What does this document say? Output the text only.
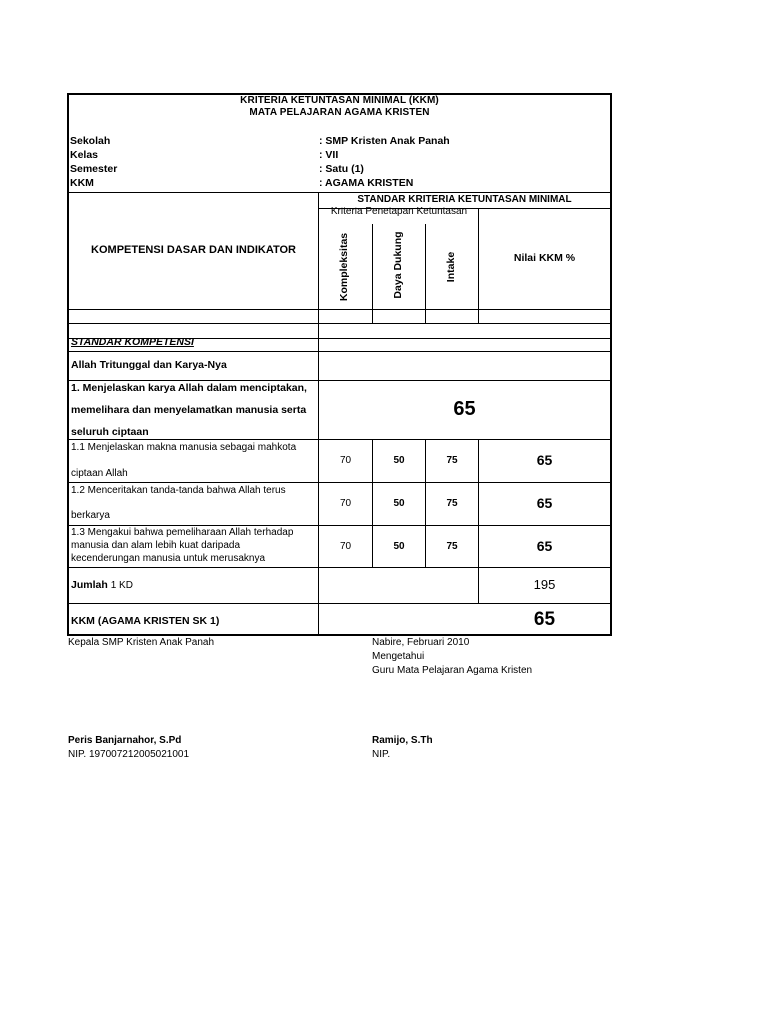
KRITERIA KETUNTASAN MINIMAL (KKM)
MATA PELAJARAN AGAMA KRISTEN
Sekolah	: SMP Kristen Anak Panah
Kelas	: VII
Semester	: Satu (1)
KKM	: AGAMA KRISTEN
STANDAR KRITERIA KETUNTASAN MINIMAL
Kriteria Penetapan Ketuntasan
KOMPETENSI DASAR DAN INDIKATOR	Kompleksitas	Daya Dukung	Intake	Nilai KKM %
STANDAR KOMPETENSI
Allah Tritunggal dan Karya-Nya
1. Menjelaskan karya Allah dalam menciptakan,
memelihara dan menyelamatkan manusia serta
seluruh ciptaan
65
1.1 Menjelaskan makna manusia sebagai mahkota
ciptaan Allah
70	50	75	65
1.2 Menceritakan tanda-tanda bahwa Allah terus
berkarya
70	50	75	65
1.3 Mengakui bahwa pemeliharaan Allah terhadap
manusia dan alam lebih kuat daripada
kecenderungan manusia untuk merusaknya
70	50	75	65
Jumlah 1 KD	195
KKM (AGAMA KRISTEN SK 1)	65
Kepala SMP Kristen Anak Panah	Nabire, Februari 2010
Mengetahui
Guru Mata Pelajaran Agama Kristen
Peris Banjarnahor, S.Pd
NIP. 197007212005021001
Ramijo, S.Th
NIP.
